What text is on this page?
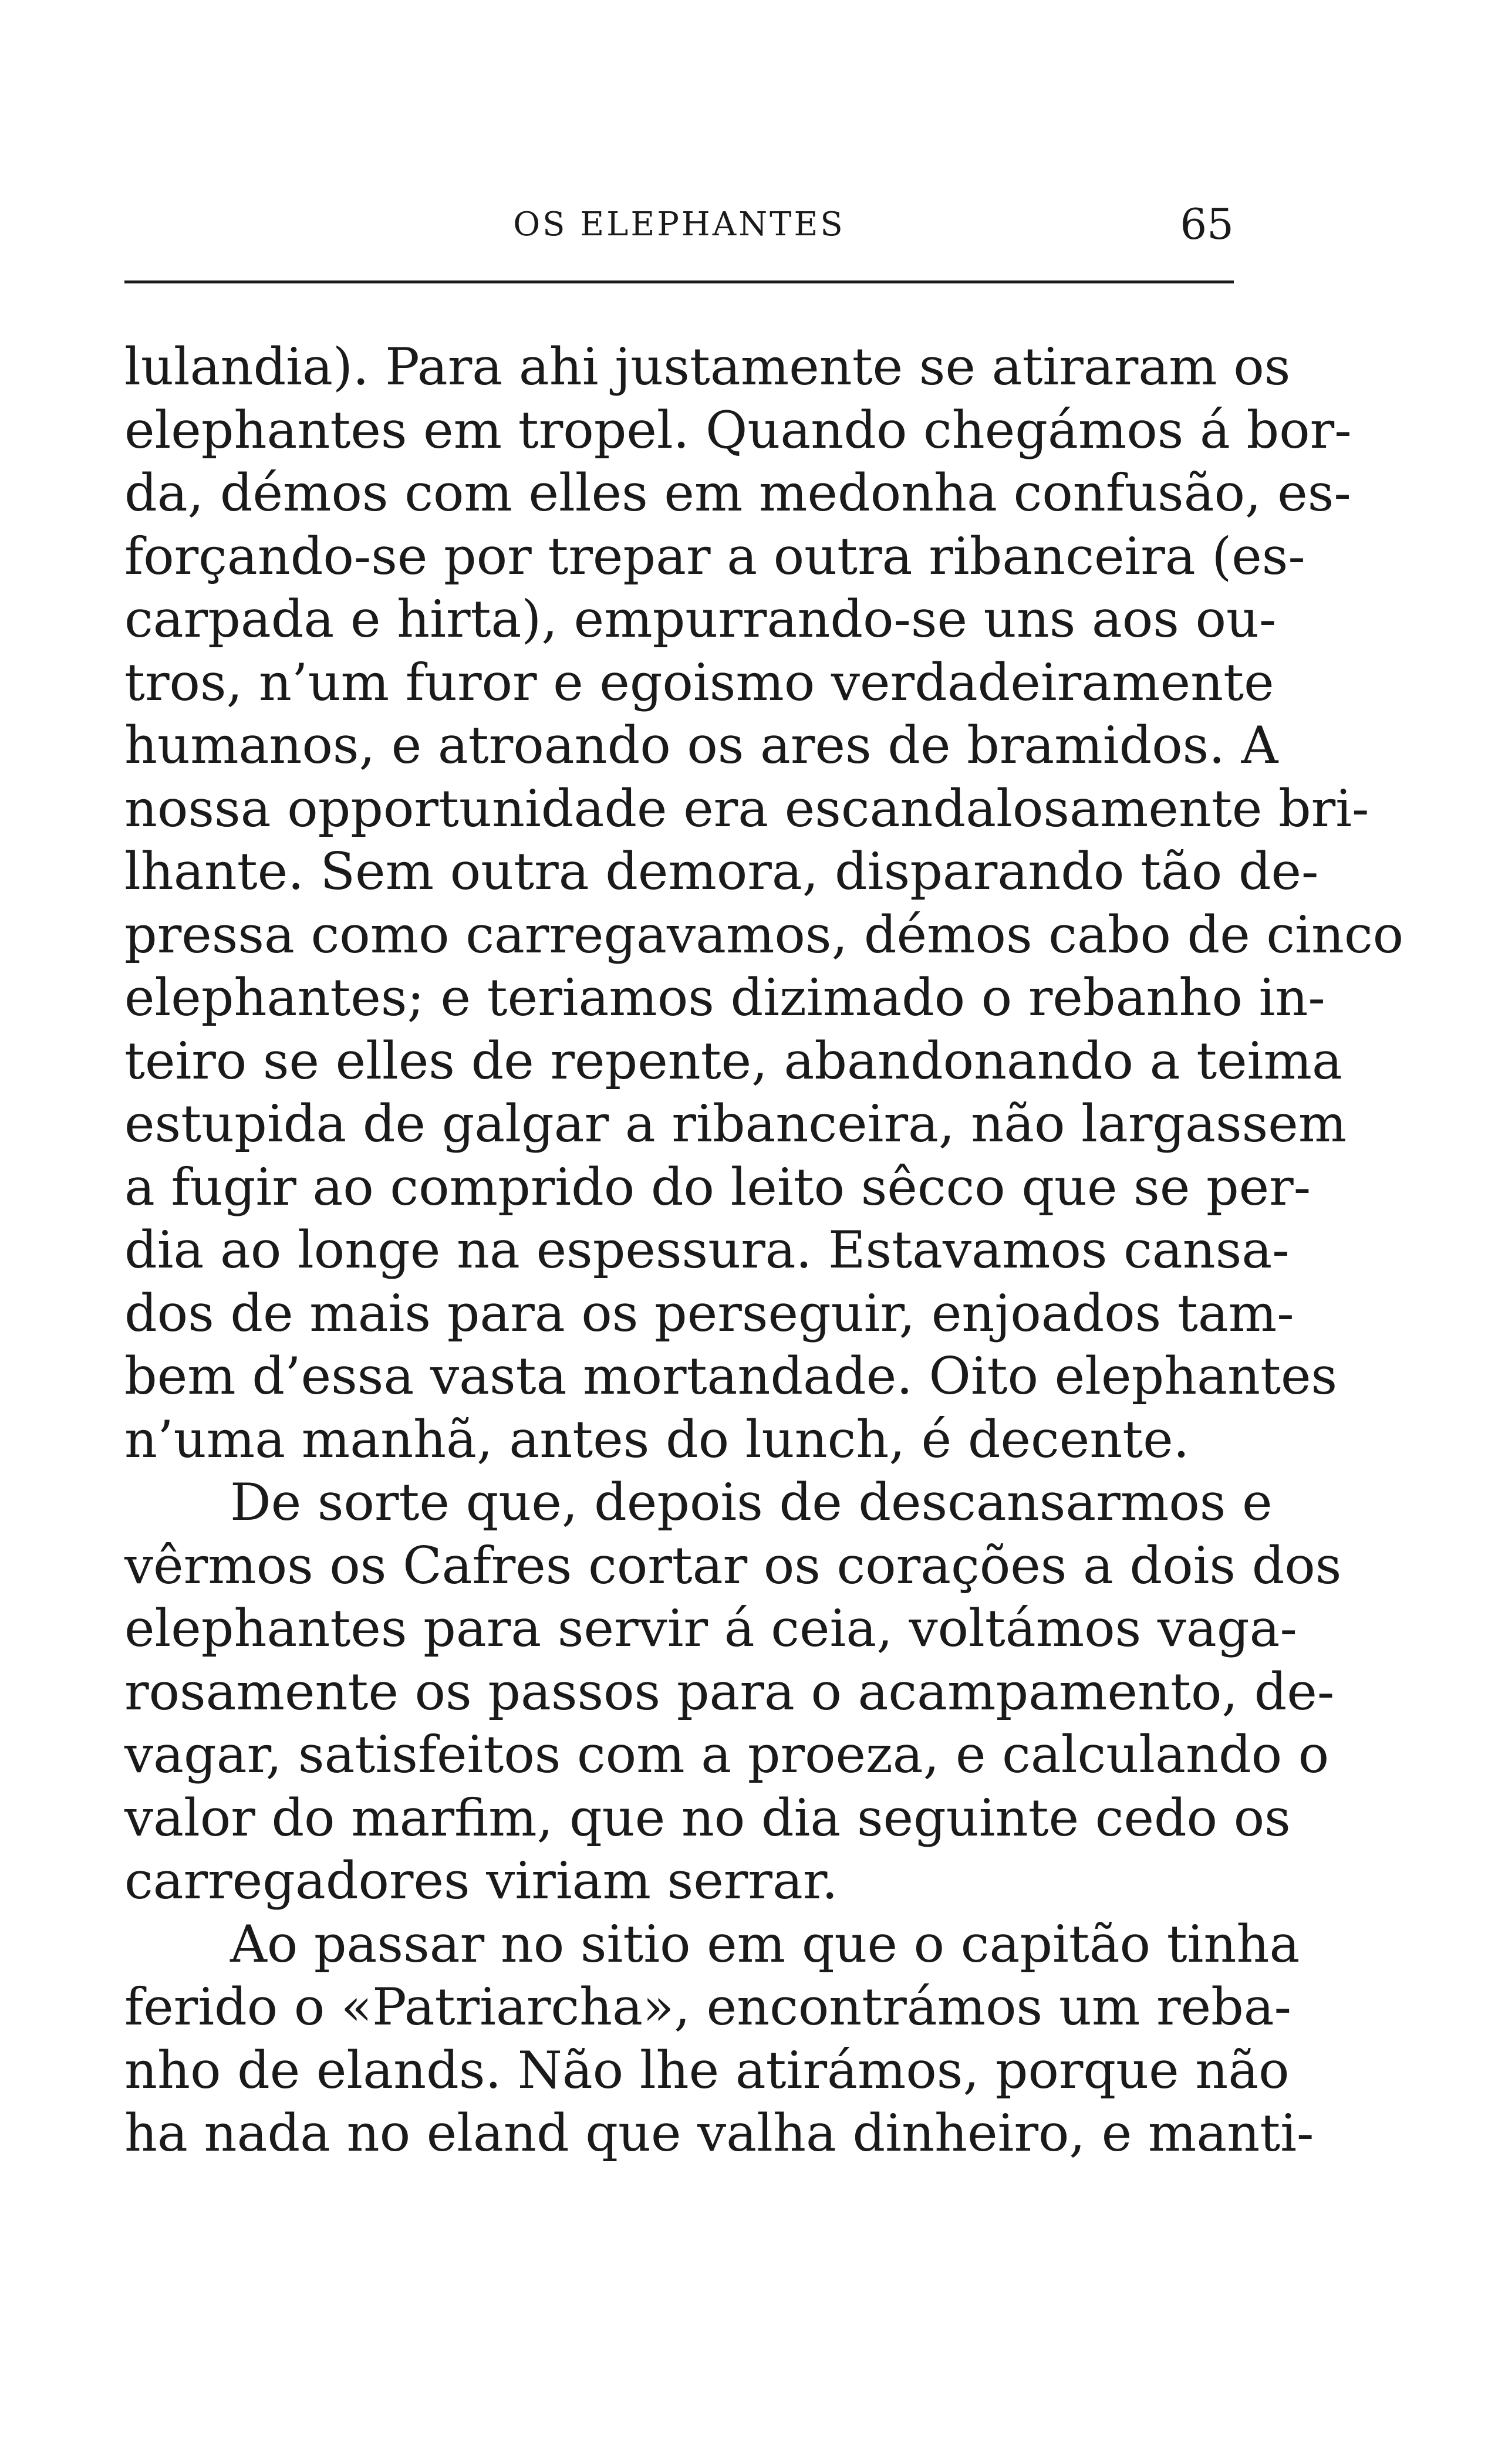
OS ELEPHANTES	65
lulandia). Para ahi justamente se atiraram os
elephantes em tropel. Quando chegámos á bor-
da, démos com elles em medonha confusão, es-
forçando-se por trepar a outra ribanceira (es-
carpada e hirta), empurrando-se uns aos ou-
tros, n’um furor e egoismo verdadeiramente
humanos, e atroando os ares de bramidos. A
nossa opportunidade era escandalosamente bri-
lhante. Sem outra demora, disparando tão de-
pressa como carregavamos, démos cabo de cinco
elephantes; e teriamos dizimado o rebanho in-
teiro se elles de repente, abandonando a teima
estupida de galgar a ribanceira, não largassem
a fugir ao comprido do leito sêcco que se per-
dia ao longe na espessura. Estavamos cansa-
dos de mais para os perseguir, enjoados tam-
bem d’essa vasta mortandade. Oito elephantes
n’uma manhã, antes do lunch, é decente.
De sorte que, depois de descansarmos e
vêrmos os Cafres cortar os corações a dois dos
elephantes para servir á ceia, voltámos vaga-
rosamente os passos para o acampamento, de-
vagar, satisfeitos com a proeza, e calculando o
valor do marfim, que no dia seguinte cedo os
carregadores viriam serrar.
Ao passar no sitio em que o capitão tinha
ferido o «Patriarcha», encontrámos um reba-
nho de elands. Não lhe atirámos, porque não
ha nada no eland que valha dinheiro, e manti-
